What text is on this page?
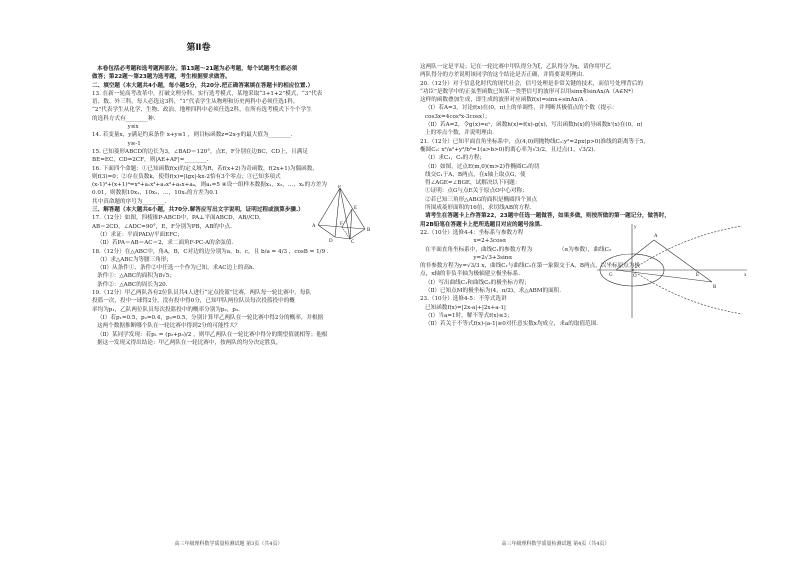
第Ⅱ卷
本卷包括必考题和选考题两部分。第13题～21题为必考题，每个试题考生都必须
做答；第22题～第23题为选考题，考生根据要求做答。
二、填空题（本大题共4小题，每小题5分，共20分.把正确答案填在答题卡的相应位置.）
13. 在新一轮高考改革中，打破文理分科，实行选考模式，某地采取“3+1+2”模式，“3”代表
语、数、外三科，每人必选这3科，“1”代表学生从物理和历史两科中必须任选1科，
“2”代表学生从化学、生物、政治、地理四科中必须任选2科，在所有选考模式下个个学生
的选科方式有________种.
y≤x
14. 若变量x，y满足约束条件 x+y≤1 ，则目标函数z=2x-y的最大值为________.
y≥-1
15. 已知菱形ABCD的边长为3，∠BAD＝120°，点E，F分别在边BC，CD上，且满足
BE=EC，CD=2CF，则|AE+AF|=________.
16. 下面四个命题：①已知函数f(x)的定义域为R，若f(x+2)为奇函数，f(2x+1)为偶函数，
则f(3)=0；②存在负数k，使得f(x)=|lgx|-kx-2恰有3个零点；③已知多项式
(x-1)³+(x+1)⁴=x⁴+a₁x³+a₂x²+a₃x+a₄，则a₁=5 ④设一组样本数据x₁，x₂，…，xₙ的方差为
0.01，则数据10x₁，10x₂，…，10xₙ的方差为0.1
其中真命题的序号为________.
三、解答题（本大题共6小题，共70分.解答应写出文字说明，证明过程或演算步骤.）
17.（12分）如图，四棱锥P-ABCD中，PA⊥平面ABCD，AB//CD，
AB＝2CD，∠ADC=90°，E，F分别为PB，AB的中点.
（Ⅰ）求证：平面PAD//平面EFC；
（Ⅱ）若PA＝AB＝AC＝2，求二面角F-PC-A的余弦值.
18.（12分）在△ABC中，角A，B，C对边的边分别为a，b，c，且 b/a = 4/3 ，cosB = 1/9 .
（Ⅰ）求△ABC为等腰三角形；
（Ⅱ）从条件①、条件②中任选一个作为已知，求AC边上的高h.
条件①：△ABC的面积为8√5；
条件②：△ABC的周长为20.
19.（12分）甲乙两队各有2位队员共4人进行“定点投篮”比赛，两队每一轮比赛中，每队
投篮一次，投中一球得2分，没有投中得0分，已知甲队两位队员每次投篮投中的概
率均为p₁，乙队两位队员每次投篮投中的概率分别为p₂，p₃.
（Ⅰ）若p₁=0.5，p₂=0.4，p₃=0.5，分别计算甲乙两队在一轮比赛中得2分的概率，并根据
这两个数据推断哪个队在一轮比赛中得到2分的可能性大？
（Ⅱ）某同学发现：若p₁ = (p₂+p₃)/2 ，则甲乙两队在一轮比赛中得分的期望值就相等；他根
据这一发现又得出结论：甲乙两队在一轮比赛中，按两队的均分决定胜负，
P
E
A
B
F
D	C
高三年级理科数学质量检测试题 第3页（共4页）
这两队一定是平局；记在一轮比赛中甲队得分为ξ，乙队得分为η，请你用甲乙
两队得分的方差说明该同学的这个结论是否正确，并简要说明理由.
20.（12分）对于信息化时代的现代社会，信号处理是非常关键的技术，而信号处理背后的
“功臣”是数学中的正弦型函数已知某一类型信号的波形可以用sinx和sinAx/A（A∈N*）
这样的函数叠加生成，即生成的波形对应函数f(x)=sinx+sinAx/A .
（Ⅰ）若A=3，讨论f(x)在(0，π)上的单调性，并判断其极值点的个数（提示：
cos3x=4cos³x-3cosx）；
（Ⅱ）若A=2，令g(x)=eˣ，函数h(x)=f(x)-g(x)，写出函数h(x)的导函数h'(x)在(0，π)
上的零点个数，并说明理由.
21.（12分）已知平面直角坐标系中，点(4,0)到抛物线C₁:y²=2px(p>0)准线的距离等于5，
椭圆C₂: x²/a²+y²/b²=1(a>b>0)的离心率为√3/2，且过点(1，√3/2).
（Ⅰ）求C₁，C₂的方程；
（Ⅱ）如图，过点E(m,0)(m>2)作椭圆C₂的切
线交C₁于A，B两点，在x轴上取点G，使
得∠AGE=∠BGE，试解决以下问题：
①证明：点G与点E关于原点O中心对称；
②若已知三角形△ABG的面积是椭圆四个顶点
所围成菱形面积的16倍，求切线AB的方程.
请考生在答题卡上作答第22，23题中任选一题做答，如果多做，则按所做的第一题记分，做答时，
用2B铅笔在答题卡上把所选题目对应的题号涂黑.
22.（10分）选修4-4：坐标系与参数方程
x=2+3cosα
在平面直角坐标系中，曲线C₁的参数方程为               （α为参数），曲线C₂
y=2√3+3sinα
的非参数方程为y=√3/3 x，曲线C₁与曲线C₂在第一象限交于A，B两点，以坐标原点为极
点，x轴的非负半轴为极轴建立极坐标系.
（Ⅰ）写出曲线C₁和曲线C₂的极坐标方程；
（Ⅱ）已知点M的极坐标为(4，π/2)，求△ABM的面积.
23.（10分）选修4-5：不等式选讲
已知函数f(x)=|2x-a|+|2x+a-1|
（Ⅰ）当a=1时，解不等式f(x)≤3；
（Ⅱ）若关于不等式f(x)-|a-1|≥0对任意实数x均成立，求a的取值范围.
y
A
G	O	E	x
B
高三年级理科数学质量检测试题 第4页（共4页）
